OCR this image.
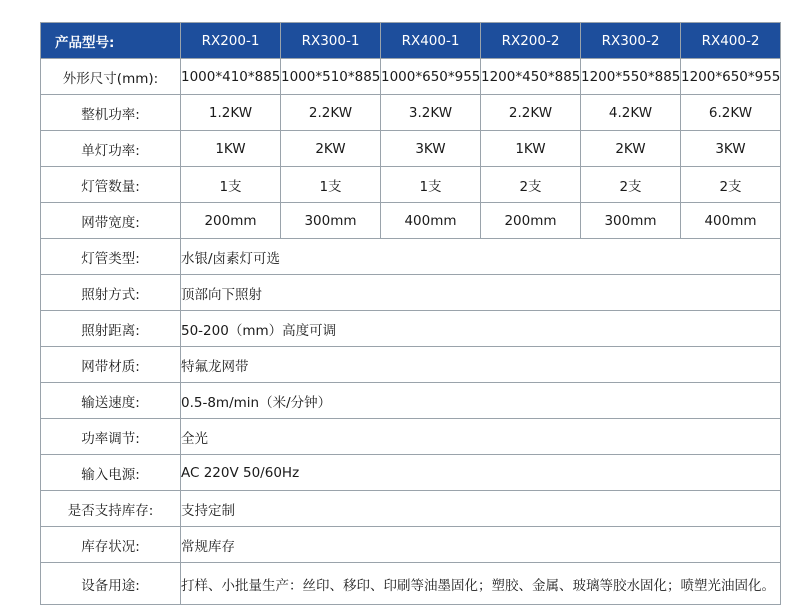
产品型号:	RX200-1	RX300-1	RX400-1	RX200-2	RX300-2	RX400-2
外形尺寸(mm):	1000*410*885	1000*510*885	1000*650*955	1200*450*885	1200*550*885	1200*650*955
整机功率:	1.2KW	2.2KW	3.2KW	2.2KW	4.2KW	6.2KW
单灯功率:	1KW	2KW	3KW	1KW	2KW	3KW
灯管数量:	1支	1支	1支	2支	2支	2支
网带宽度:	200mm	300mm	400mm	200mm	300mm	400mm
灯管类型:	水银/卤素灯可选					
照射方式:	顶部向下照射					
照射距离:	50-200（mm）高度可调					
网带材质:	特氟龙网带					
输送速度:	0.5-8m/min（米/分钟）					
功率调节:	全光					
输入电源:	AC 220V 50/60Hz					
是否支持库存:	支持定制					
库存状况:	常规库存					
设备用途:	打样、小批量生产：丝印、移印、印刷等油墨固化；塑胶、金属、玻璃等胶水固化；喷塑光油固化。					
